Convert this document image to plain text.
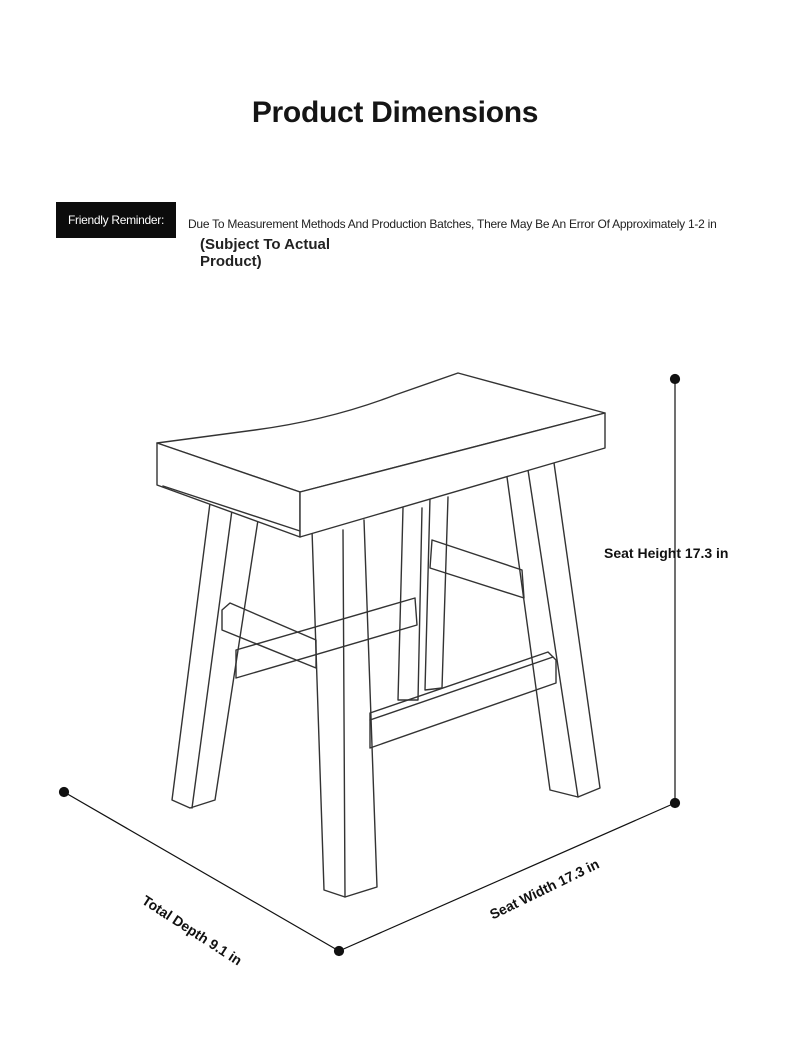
Product Dimensions
Friendly Reminder:	Due To Measurement Methods And Production Batches, There May Be An Error Of Approximately 1-2 in
(Subject To Actual Product)
Seat Height 17.3 in
Total Depth 9.1 in
Seat Width 17.3 in
